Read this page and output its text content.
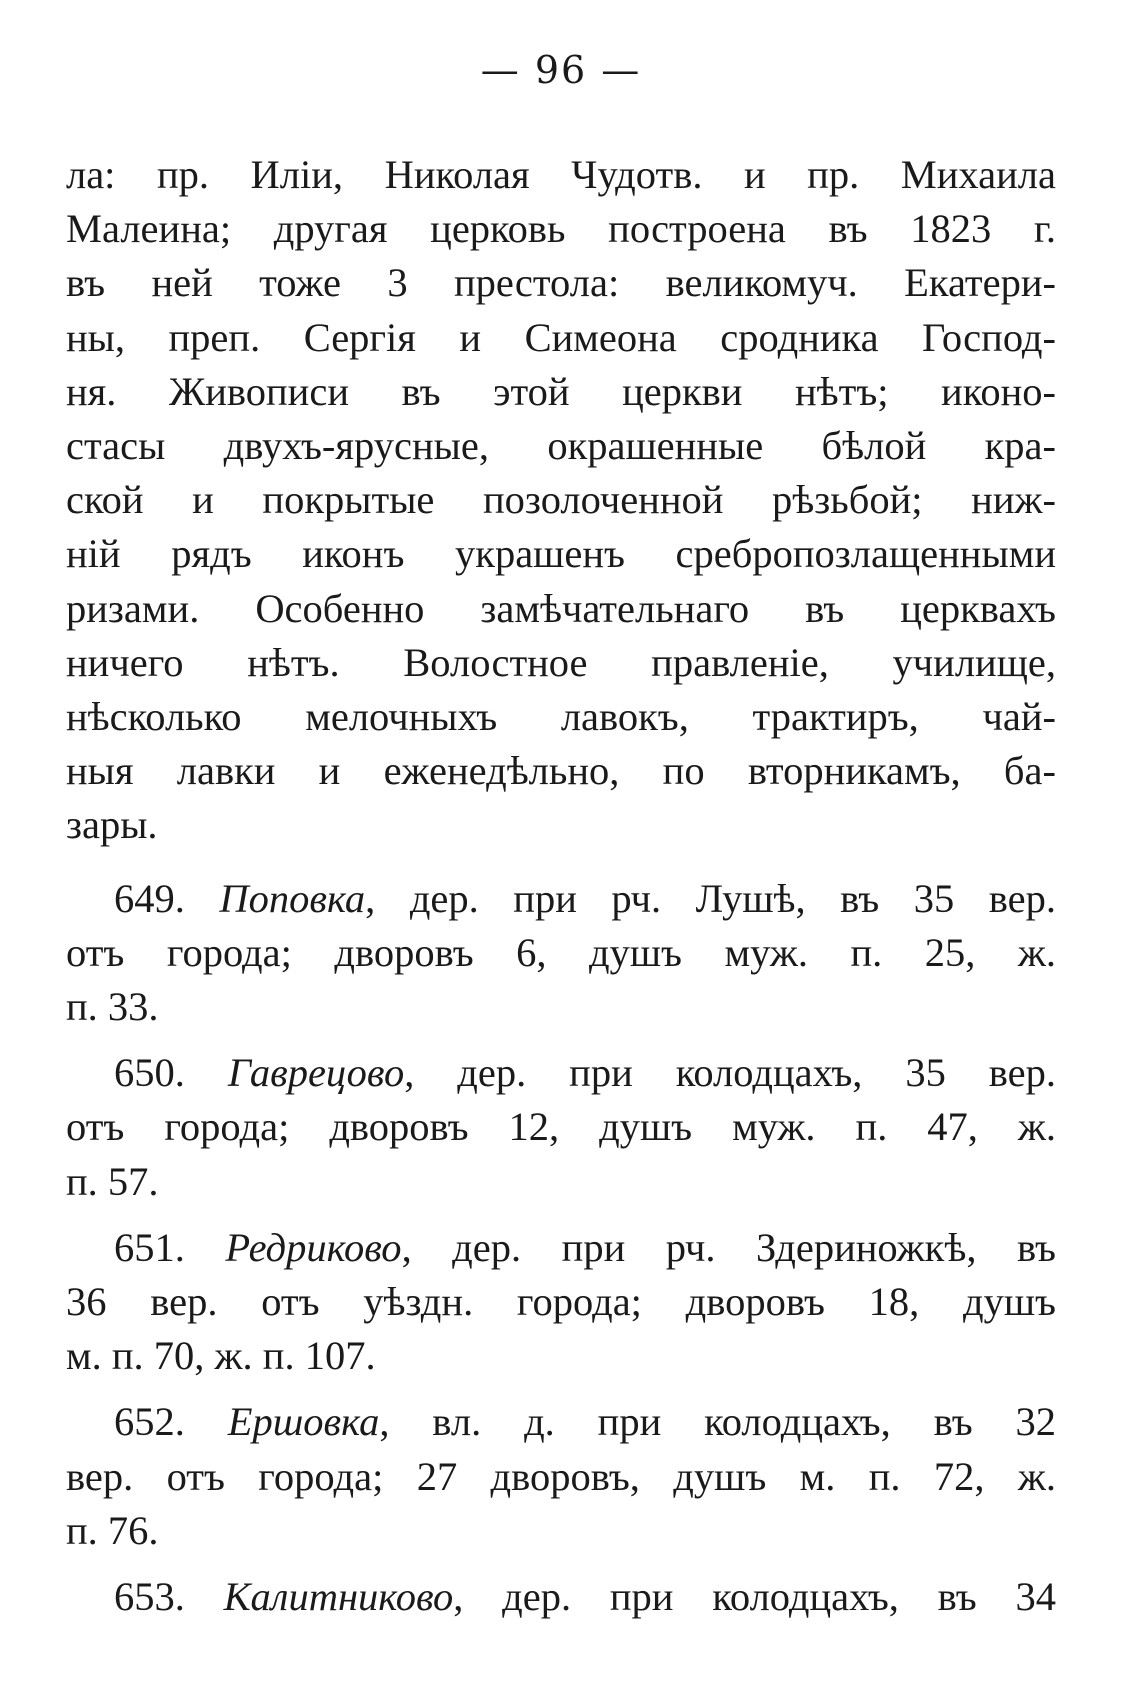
— 96 —
ла: пр. Иліи, Николая Чудотв. и пр. Михаила
Малеина; другая церковь построена въ 1823 г.
въ ней тоже 3 престола: великомуч. Екатери-
ны, преп. Сергія и Симеона сродника Господ-
ня. Живописи въ этой церкви нѣтъ; иконо-
стасы двухъ-ярусные, окрашенные бѣлой кра-
ской и покрытые позолоченной рѣзьбой; ниж-
ній рядъ иконъ украшенъ сребропозлащенными
ризами. Особенно замѣчательнаго въ церквахъ
ничего нѣтъ. Волостное правленіе, училище,
нѣсколько мелочныхъ лавокъ, трактиръ, чай-
ныя лавки и еженедѣльно, по вторникамъ, ба-
зары.
649. Поповка, дер. при рч. Лушѣ, въ 35 вер.
отъ города; дворовъ 6, душъ муж. п. 25, ж.
п. 33.
650. Гаврецово, дер. при колодцахъ, 35 вер.
отъ города; дворовъ 12, душъ муж. п. 47, ж.
п. 57.
651. Редриково, дер. при рч. Здериножкѣ, въ
36 вер. отъ уѣздн. города; дворовъ 18, душъ
м. п. 70, ж. п. 107.
652. Ершовка, вл. д. при колодцахъ, въ 32
вер. отъ города; 27 дворовъ, душъ м. п. 72, ж.
п. 76.
653. Калитниково, дер. при колодцахъ, въ 34
